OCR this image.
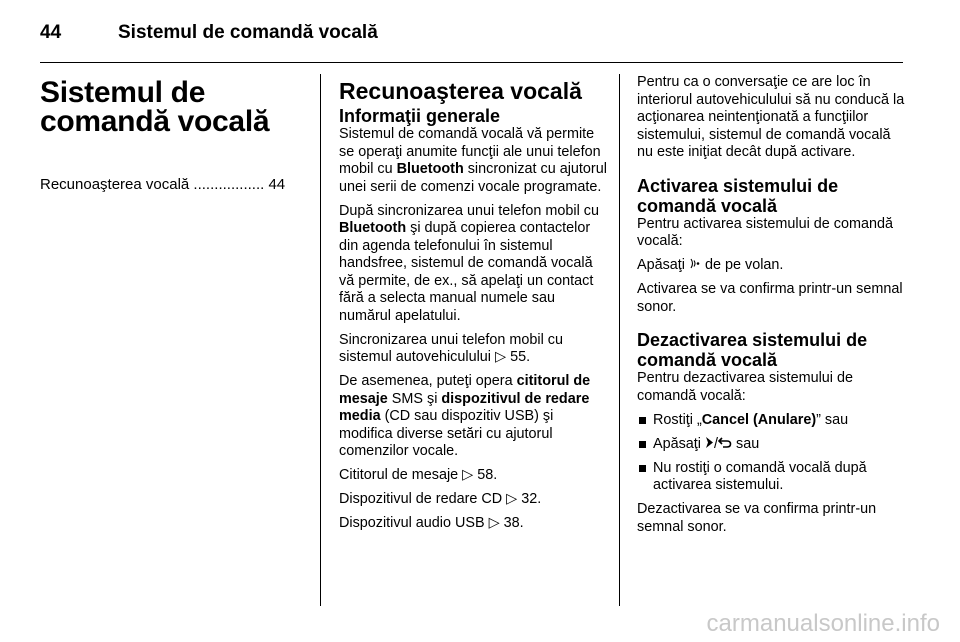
44	Sistemul de comandă vocală
Sistemul de comandă vocală
Recunoaşterea vocală ................. 44
Recunoaşterea vocală
Informaţii generale

Sistemul de comandă vocală vă permite se operaţi anumite funcţii ale unui telefon mobil cu Bluetooth sincronizat cu ajutorul unei serii de comenzi vocale programate.

După sincronizarea unui telefon mobil cu Bluetooth şi după copierea contactelor din agenda telefonului în sistemul handsfree, sistemul de comandă vocală vă permite, de ex., să apelaţi un contact fără a selecta manual numele sau numărul apelatului.

Sincronizarea unui telefon mobil cu sistemul autovehiculului ▷ 55.

De asemenea, puteţi opera cititorul de mesaje SMS şi dispozitivul de redare media (CD sau dispozitiv USB) şi modifica diverse setări cu ajutorul comenzilor vocale.

Cititorul de mesaje ▷ 58.

Dispozitivul de redare CD ▷ 32.

Dispozitivul audio USB ▷ 38.

Pentru ca o conversaţie ce are loc în interiorul autovehiculului să nu conducă la acţionarea neintenţionată a funcţiilor sistemului, sistemul de comandă vocală nu este iniţiat decât după activare.

Activarea sistemului de comandă vocală

Pentru activarea sistemului de comandă vocală:

Apăsaţi  de pe volan.

Activarea se va confirma printr-un semnal sonor.

Dezactivarea sistemului de comandă vocală

Pentru dezactivarea sistemului de comandă vocală:

Rostiţi „Cancel (Anulare)” sau

Apăsaţi / sau

Nu rostiţi o comandă vocală după activarea sistemului.

Dezactivarea se va confirma printr-un semnal sonor.

carmanualsonline.info
